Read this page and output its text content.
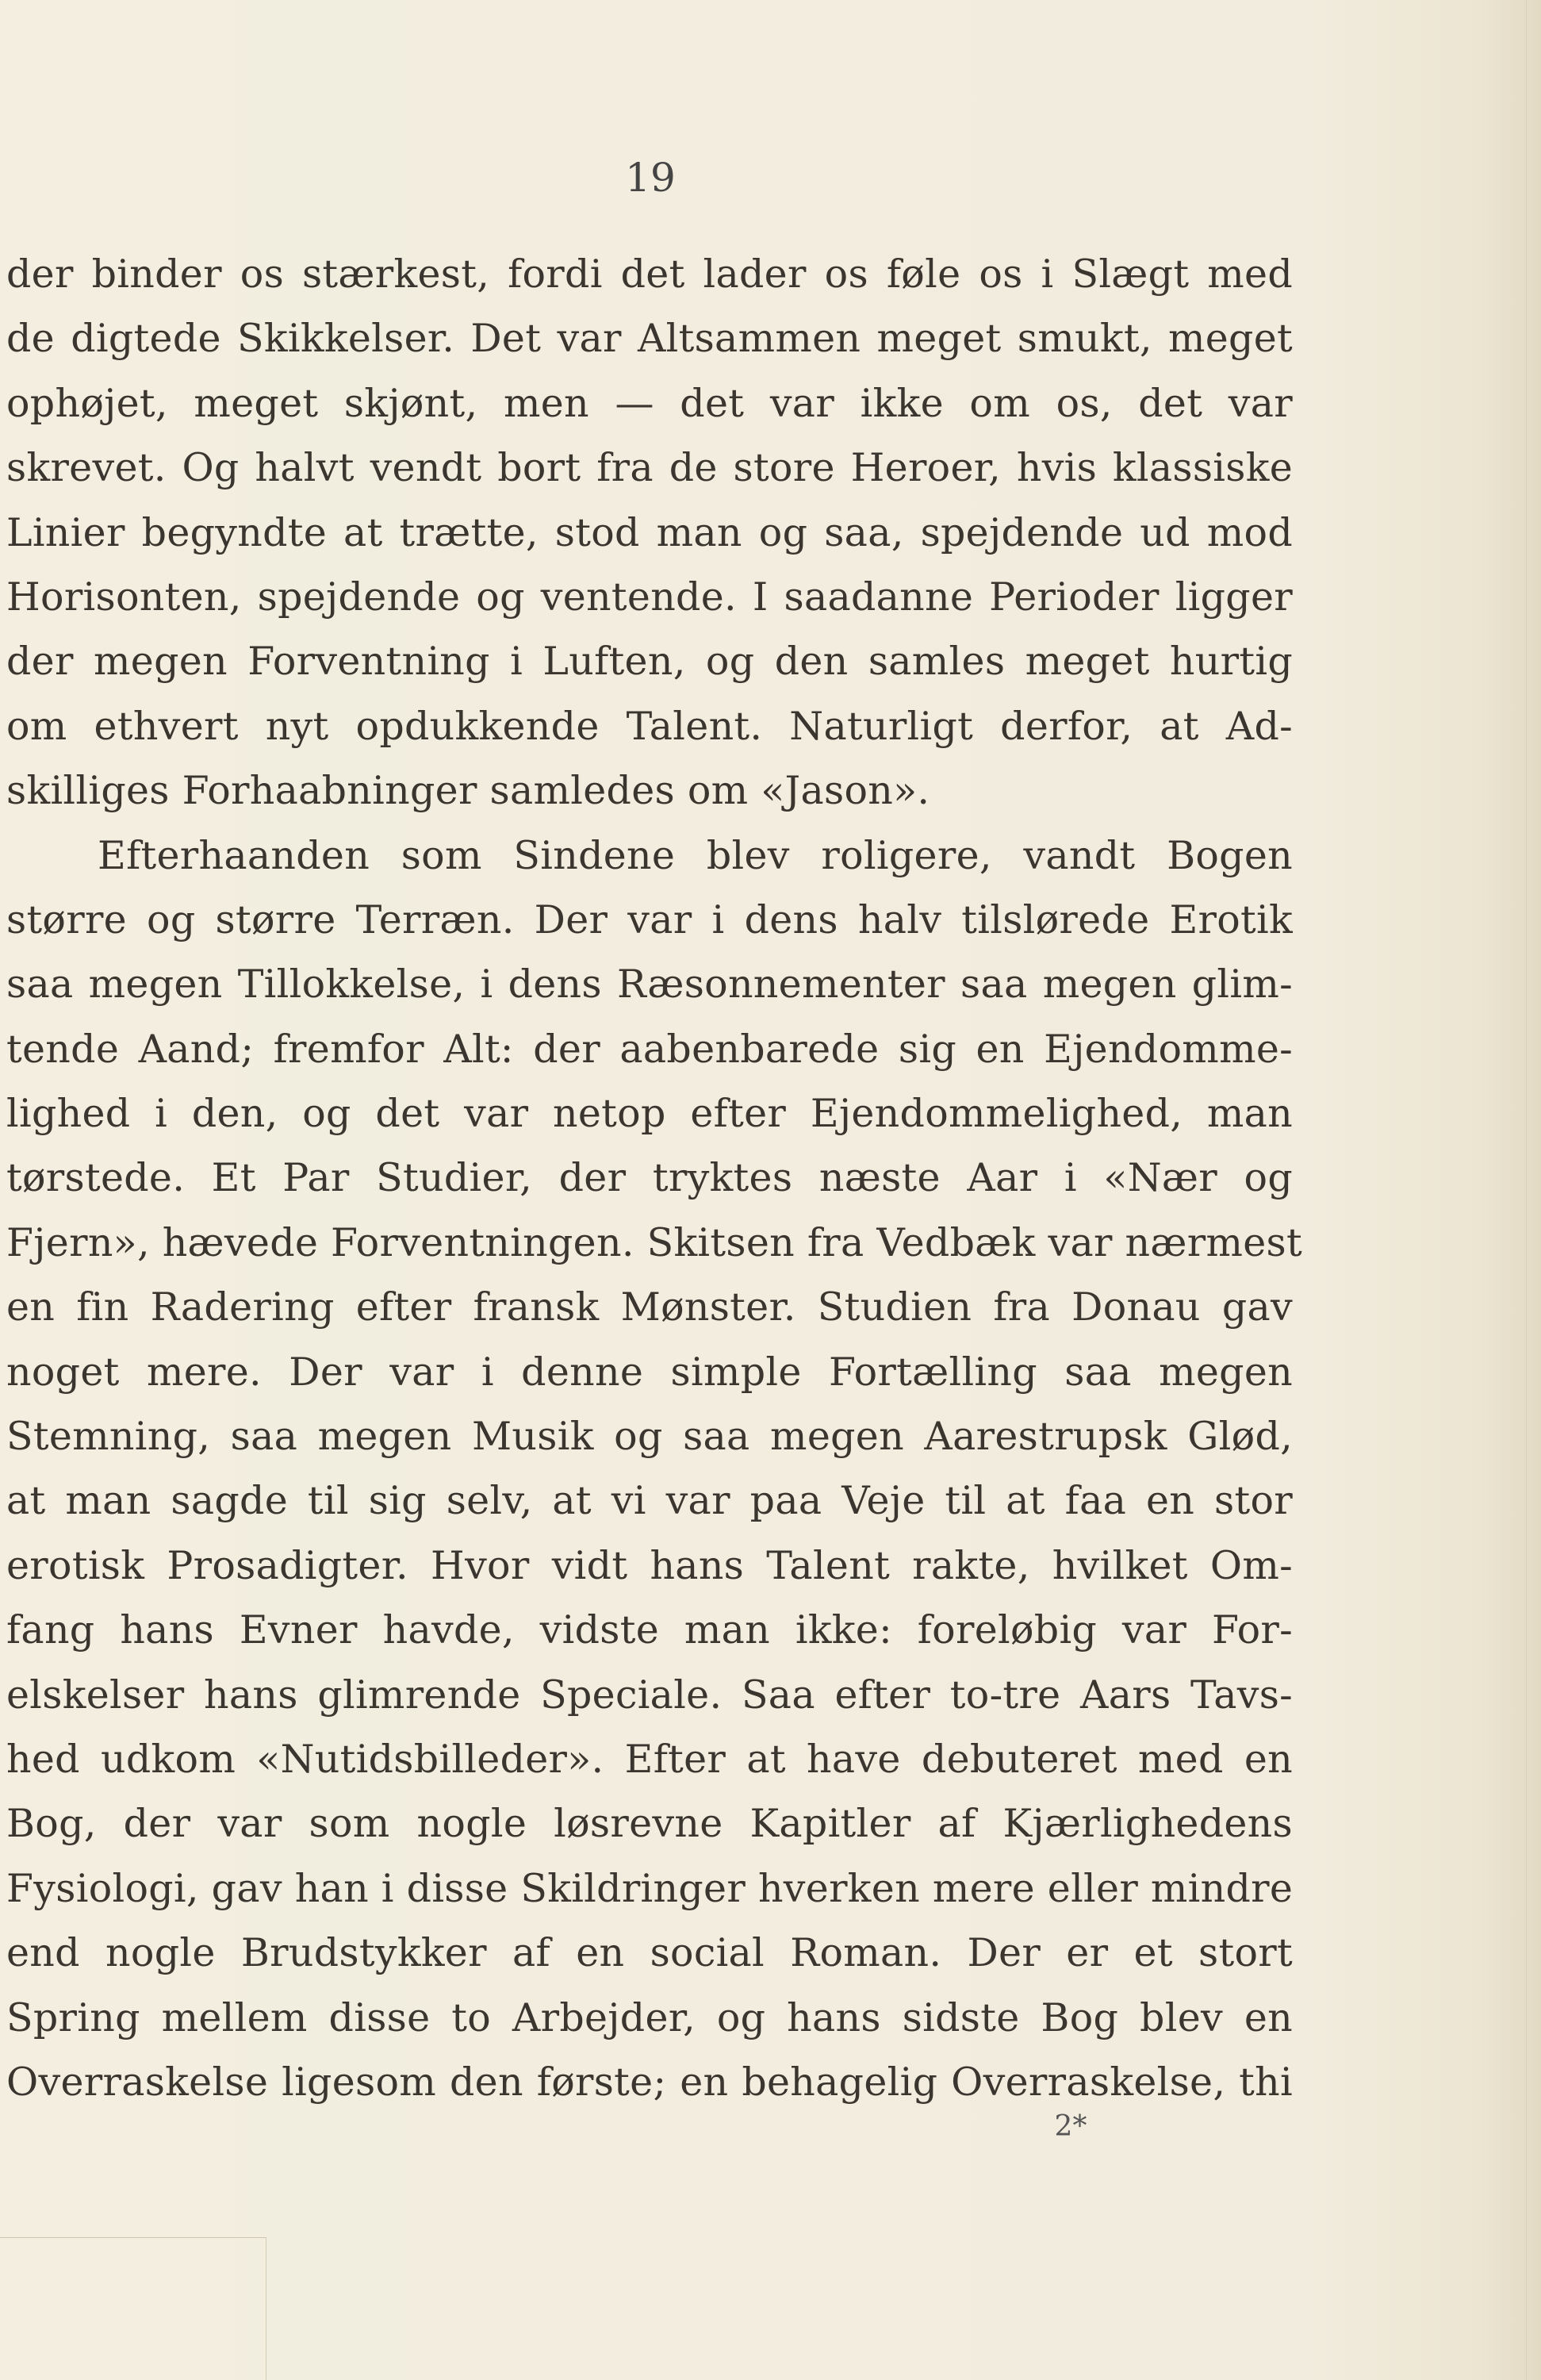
19
der binder os stærkest, fordi det lader os føle os i Slægt med
de digtede Skikkelser. Det var Altsammen meget smukt, meget
ophøjet, meget skjønt, men — det var ikke om os, det var
skrevet. Og halvt vendt bort fra de store Heroer, hvis klassiske
Linier begyndte at trætte, stod man og saa, spejdende ud mod
Horisonten, spejdende og ventende. I saadanne Perioder ligger
der megen Forventning i Luften, og den samles meget hurtig
om ethvert nyt opdukkende Talent. Naturligt derfor, at Ad-
skilliges Forhaabninger samledes om «Jason».
Efterhaanden som Sindene blev roligere, vandt Bogen
større og større Terræn. Der var i dens halv tilslørede Erotik
saa megen Tillokkelse, i dens Ræsonnementer saa megen glim-
tende Aand; fremfor Alt: der aabenbarede sig en Ejendomme-
lighed i den, og det var netop efter Ejendommelighed, man
tørstede. Et Par Studier, der tryktes næste Aar i «Nær og
Fjern», hævede Forventningen. Skitsen fra Vedbæk var nærmest
en fin Radering efter fransk Mønster. Studien fra Donau gav
noget mere. Der var i denne simple Fortælling saa megen
Stemning, saa megen Musik og saa megen Aarestrupsk Glød,
at man sagde til sig selv, at vi var paa Veje til at faa en stor
erotisk Prosadigter. Hvor vidt hans Talent rakte, hvilket Om-
fang hans Evner havde, vidste man ikke: foreløbig var For-
elskelser hans glimrende Speciale. Saa efter to-tre Aars Tavs-
hed udkom «Nutidsbilleder». Efter at have debuteret med en
Bog, der var som nogle løsrevne Kapitler af Kjærlighedens
Fysiologi, gav han i disse Skildringer hverken mere eller mindre
end nogle Brudstykker af en social Roman. Der er et stort
Spring mellem disse to Arbejder, og hans sidste Bog blev en
Overraskelse ligesom den første; en behagelig Overraskelse, thi
2*
